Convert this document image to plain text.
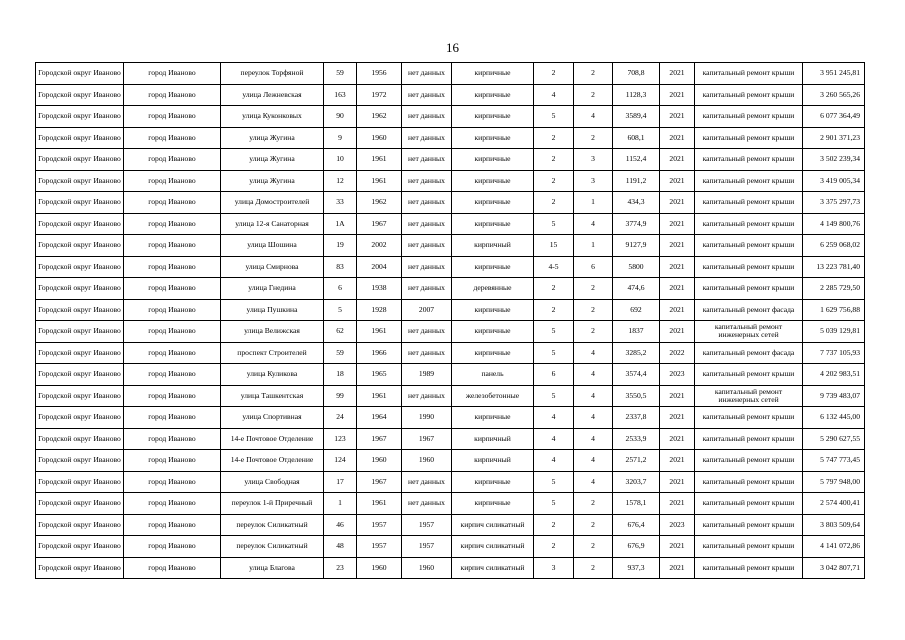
16
Городской округ Иваново	город Иваново	переулок Торфяной	59	1956	нет данных	кирпичные	2	2	708,8	2021	капитальный ремонт крыши	3 951 245,81
Городской округ Иваново	город Иваново	улица Лежневская	163	1972	нет данных	кирпичные	4	2	1128,3	2021	капитальный ремонт крыши	3 260 565,26
Городской округ Иваново	город Иваново	улица Куконковых	90	1962	нет данных	кирпичные	5	4	3589,4	2021	капитальный ремонт крыши	6 077 364,49
Городской округ Иваново	город Иваново	улица Жугина	9	1960	нет данных	кирпичные	2	2	608,1	2021	капитальный ремонт крыши	2 901 371,23
Городской округ Иваново	город Иваново	улица Жугина	10	1961	нет данных	кирпичные	2	3	1152,4	2021	капитальный ремонт крыши	3 502 239,34
Городской округ Иваново	город Иваново	улица Жугина	12	1961	нет данных	кирпичные	2	3	1191,2	2021	капитальный ремонт крыши	3 419 005,34
Городской округ Иваново	город Иваново	улица Домостроителей	33	1962	нет данных	кирпичные	2	1	434,3	2021	капитальный ремонт крыши	3 375 297,73
Городской округ Иваново	город Иваново	улица 12-я Санаторная	1А	1967	нет данных	кирпичные	5	4	3774,9	2021	капитальный ремонт крыши	4 149 800,76
Городской округ Иваново	город Иваново	улица Шошина	19	2002	нет данных	кирпичный	15	1	9127,9	2021	капитальный ремонт крыши	6 259 068,02
Городской округ Иваново	город Иваново	улица Смирнова	83	2004	нет данных	кирпичные	4-5	6	5800	2021	капитальный ремонт крыши	13 223 781,40
Городской округ Иваново	город Иваново	улица Гнедина	6	1938	нет данных	деревянные	2	2	474,6	2021	капитальный ремонт крыши	2 285 729,50
Городской округ Иваново	город Иваново	улица Пушкина	5	1928	2007	кирпичные	2	2	692	2021	капитальный ремонт фасада	1 629 756,88
Городской округ Иваново	город Иваново	улица Велижская	62	1961	нет данных	кирпичные	5	2	1837	2021	капитальный ремонт инженерных сетей	5 039 129,81
Городской округ Иваново	город Иваново	проспект Строителей	59	1966	нет данных	кирпичные	5	4	3285,2	2022	капитальный ремонт фасада	7 737 105,93
Городской округ Иваново	город Иваново	улица Куликова	18	1965	1989	панель	6	4	3574,4	2023	капитальный ремонт крыши	4 202 983,51
Городской округ Иваново	город Иваново	улица Ташкентская	99	1961	нет данных	железобетонные	5	4	3550,5	2021	капитальный ремонт инженерных сетей	9 739 483,07
Городской округ Иваново	город Иваново	улица Спортивная	24	1964	1990	кирпичные	4	4	2337,8	2021	капитальный ремонт крыши	6 132 445,00
Городской округ Иваново	город Иваново	14-е Почтовое Отделение	123	1967	1967	кирпичный	4	4	2533,9	2021	капитальный ремонт крыши	5 290 627,55
Городской округ Иваново	город Иваново	14-е Почтовое Отделение	124	1960	1960	кирпичный	4	4	2571,2	2021	капитальный ремонт крыши	5 747 773,45
Городской округ Иваново	город Иваново	улица Свободная	17	1967	нет данных	кирпичные	5	4	3203,7	2021	капитальный ремонт крыши	5 797 948,00
Городской округ Иваново	город Иваново	переулок 1-й Приречный	1	1961	нет данных	кирпичные	5	2	1578,1	2021	капитальный ремонт крыши	2 574 400,41
Городской округ Иваново	город Иваново	переулок Силикатный	46	1957	1957	кирпич силикатный	2	2	676,4	2023	капитальный ремонт крыши	3 803 509,64
Городской округ Иваново	город Иваново	переулок Силикатный	48	1957	1957	кирпич силикатный	2	2	676,9	2021	капитальный ремонт крыши	4 141 072,86
Городской округ Иваново	город Иваново	улица Благова	23	1960	1960	кирпич силикатный	3	2	937,3	2021	капитальный ремонт крыши	3 042 807,71
